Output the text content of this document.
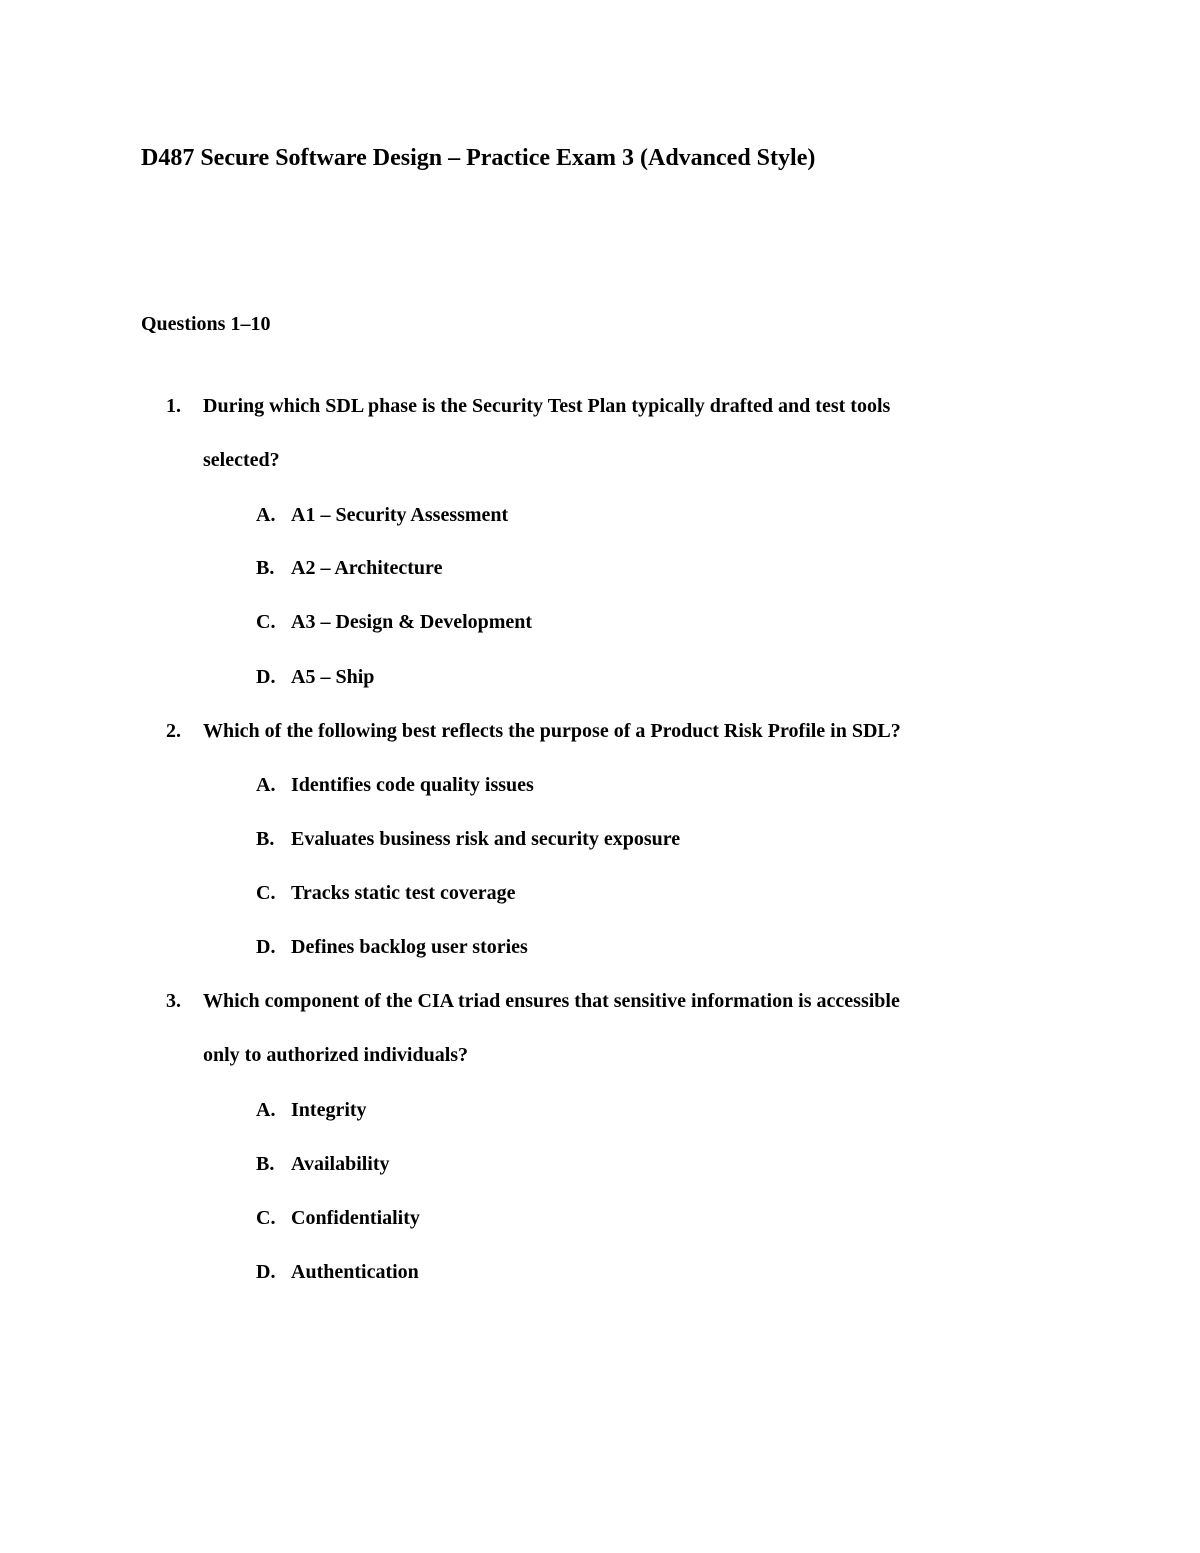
D487 Secure Software Design – Practice Exam 3 (Advanced Style)
Questions 1–10
1.	During which SDL phase is the Security Test Plan typically drafted and test tools
selected?
A. A1 – Security Assessment
B. A2 – Architecture
C. A3 – Design & Development
D. A5 – Ship
2.	Which of the following best reflects the purpose of a Product Risk Profile in SDL?
A. Identifies code quality issues
B. Evaluates business risk and security exposure
C. Tracks static test coverage
D. Defines backlog user stories
3.	Which component of the CIA triad ensures that sensitive information is accessible
only to authorized individuals?
A. Integrity
B. Availability
C. Confidentiality
D. Authentication
